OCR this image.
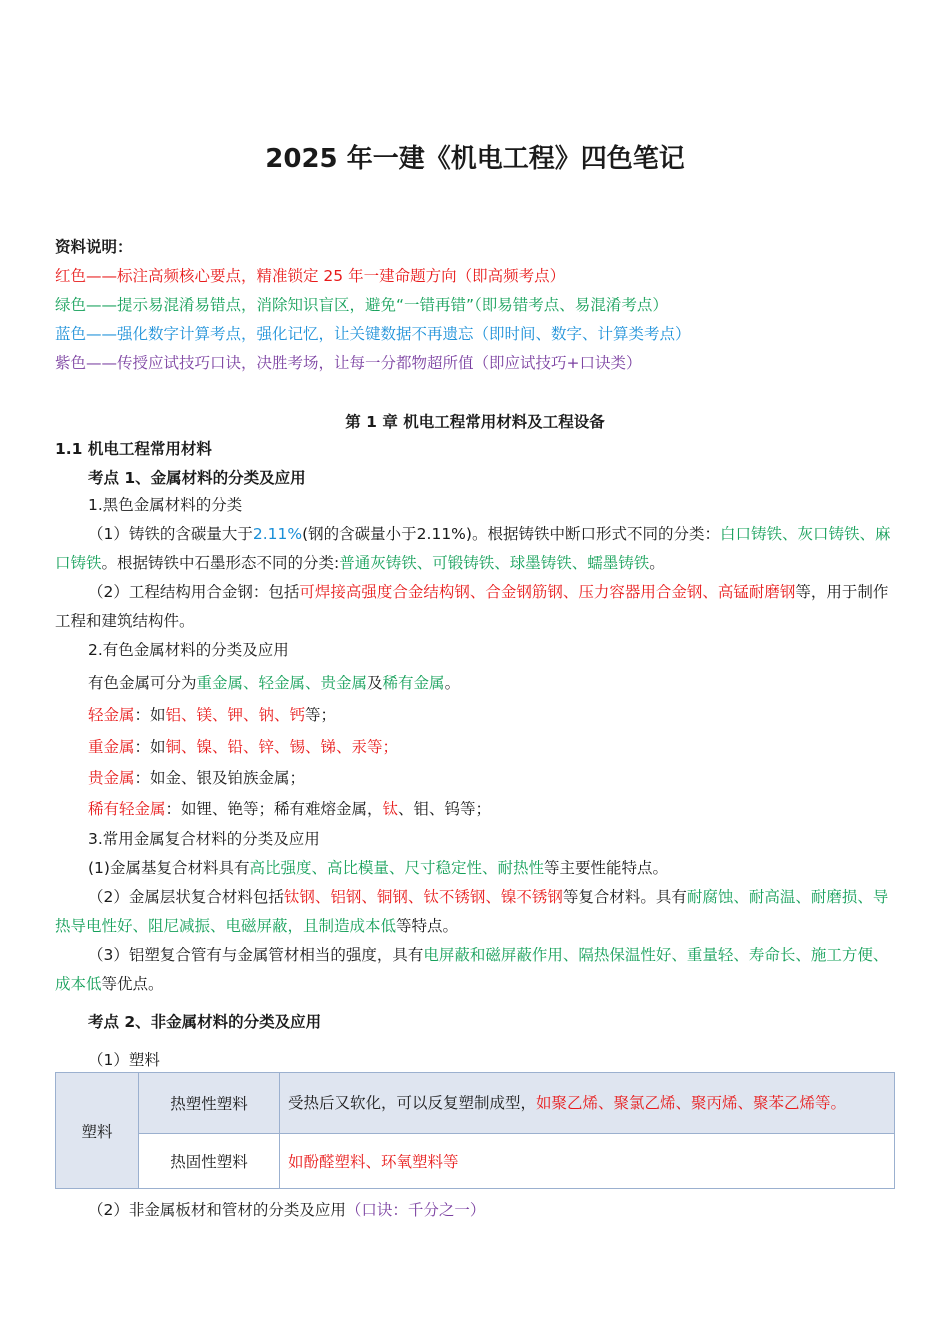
2025 年一建《机电工程》四色笔记
资料说明：
红色——标注高频核心要点，精准锁定 25 年一建命题方向（即高频考点）
绿色——提示易混淆易错点，消除知识盲区，避免“一错再错”（即易错考点、易混淆考点）
蓝色——强化数字计算考点，强化记忆，让关键数据不再遗忘（即时间、数字、计算类考点）
紫色——传授应试技巧口诀，决胜考场，让每一分都物超所值（即应试技巧+口诀类）
第 1 章 机电工程常用材料及工程设备
1.1 机电工程常用材料
考点 1、金属材料的分类及应用
1.黑色金属材料的分类
（1）铸铁的含碳量大于2.11%(钢的含碳量小于2.11%)。根据铸铁中断口形式不同的分类：白口铸铁、灰口铸铁、麻口铸铁。根据铸铁中石墨形态不同的分类:普通灰铸铁、可锻铸铁、球墨铸铁、蠕墨铸铁。
（2）工程结构用合金钢：包括可焊接高强度合金结构钢、合金钢筋钢、压力容器用合金钢、高锰耐磨钢等，用于制作工程和建筑结构件。
2.有色金属材料的分类及应用
有色金属可分为重金属、轻金属、贵金属及稀有金属。
轻金属：如铝、镁、钾、钠、钙等；
重金属：如铜、镍、铅、锌、锡、锑、汞等；
贵金属：如金、银及铂族金属；
稀有轻金属：如锂、铯等；稀有难熔金属，钛、钼、钨等；
3.常用金属复合材料的分类及应用
(1)金属基复合材料具有高比强度、高比模量、尺寸稳定性、耐热性等主要性能特点。
（2）金属层状复合材料包括钛钢、铝钢、铜钢、钛不锈钢、镍不锈钢等复合材料。具有耐腐蚀、耐高温、耐磨损、导热导电性好、阻尼减振、电磁屏蔽，且制造成本低等特点。
（3）铝塑复合管有与金属管材相当的强度，具有电屏蔽和磁屏蔽作用、隔热保温性好、重量轻、寿命长、施工方便、成本低等优点。
考点 2、非金属材料的分类及应用
（1）塑料
塑料	热塑性塑料	受热后又软化，可以反复塑制成型，如聚乙烯、聚氯乙烯、聚丙烯、聚苯乙烯等。
	热固性塑料	如酚醛塑料、环氧塑料等
（2）非金属板材和管材的分类及应用（口诀：千分之一）
